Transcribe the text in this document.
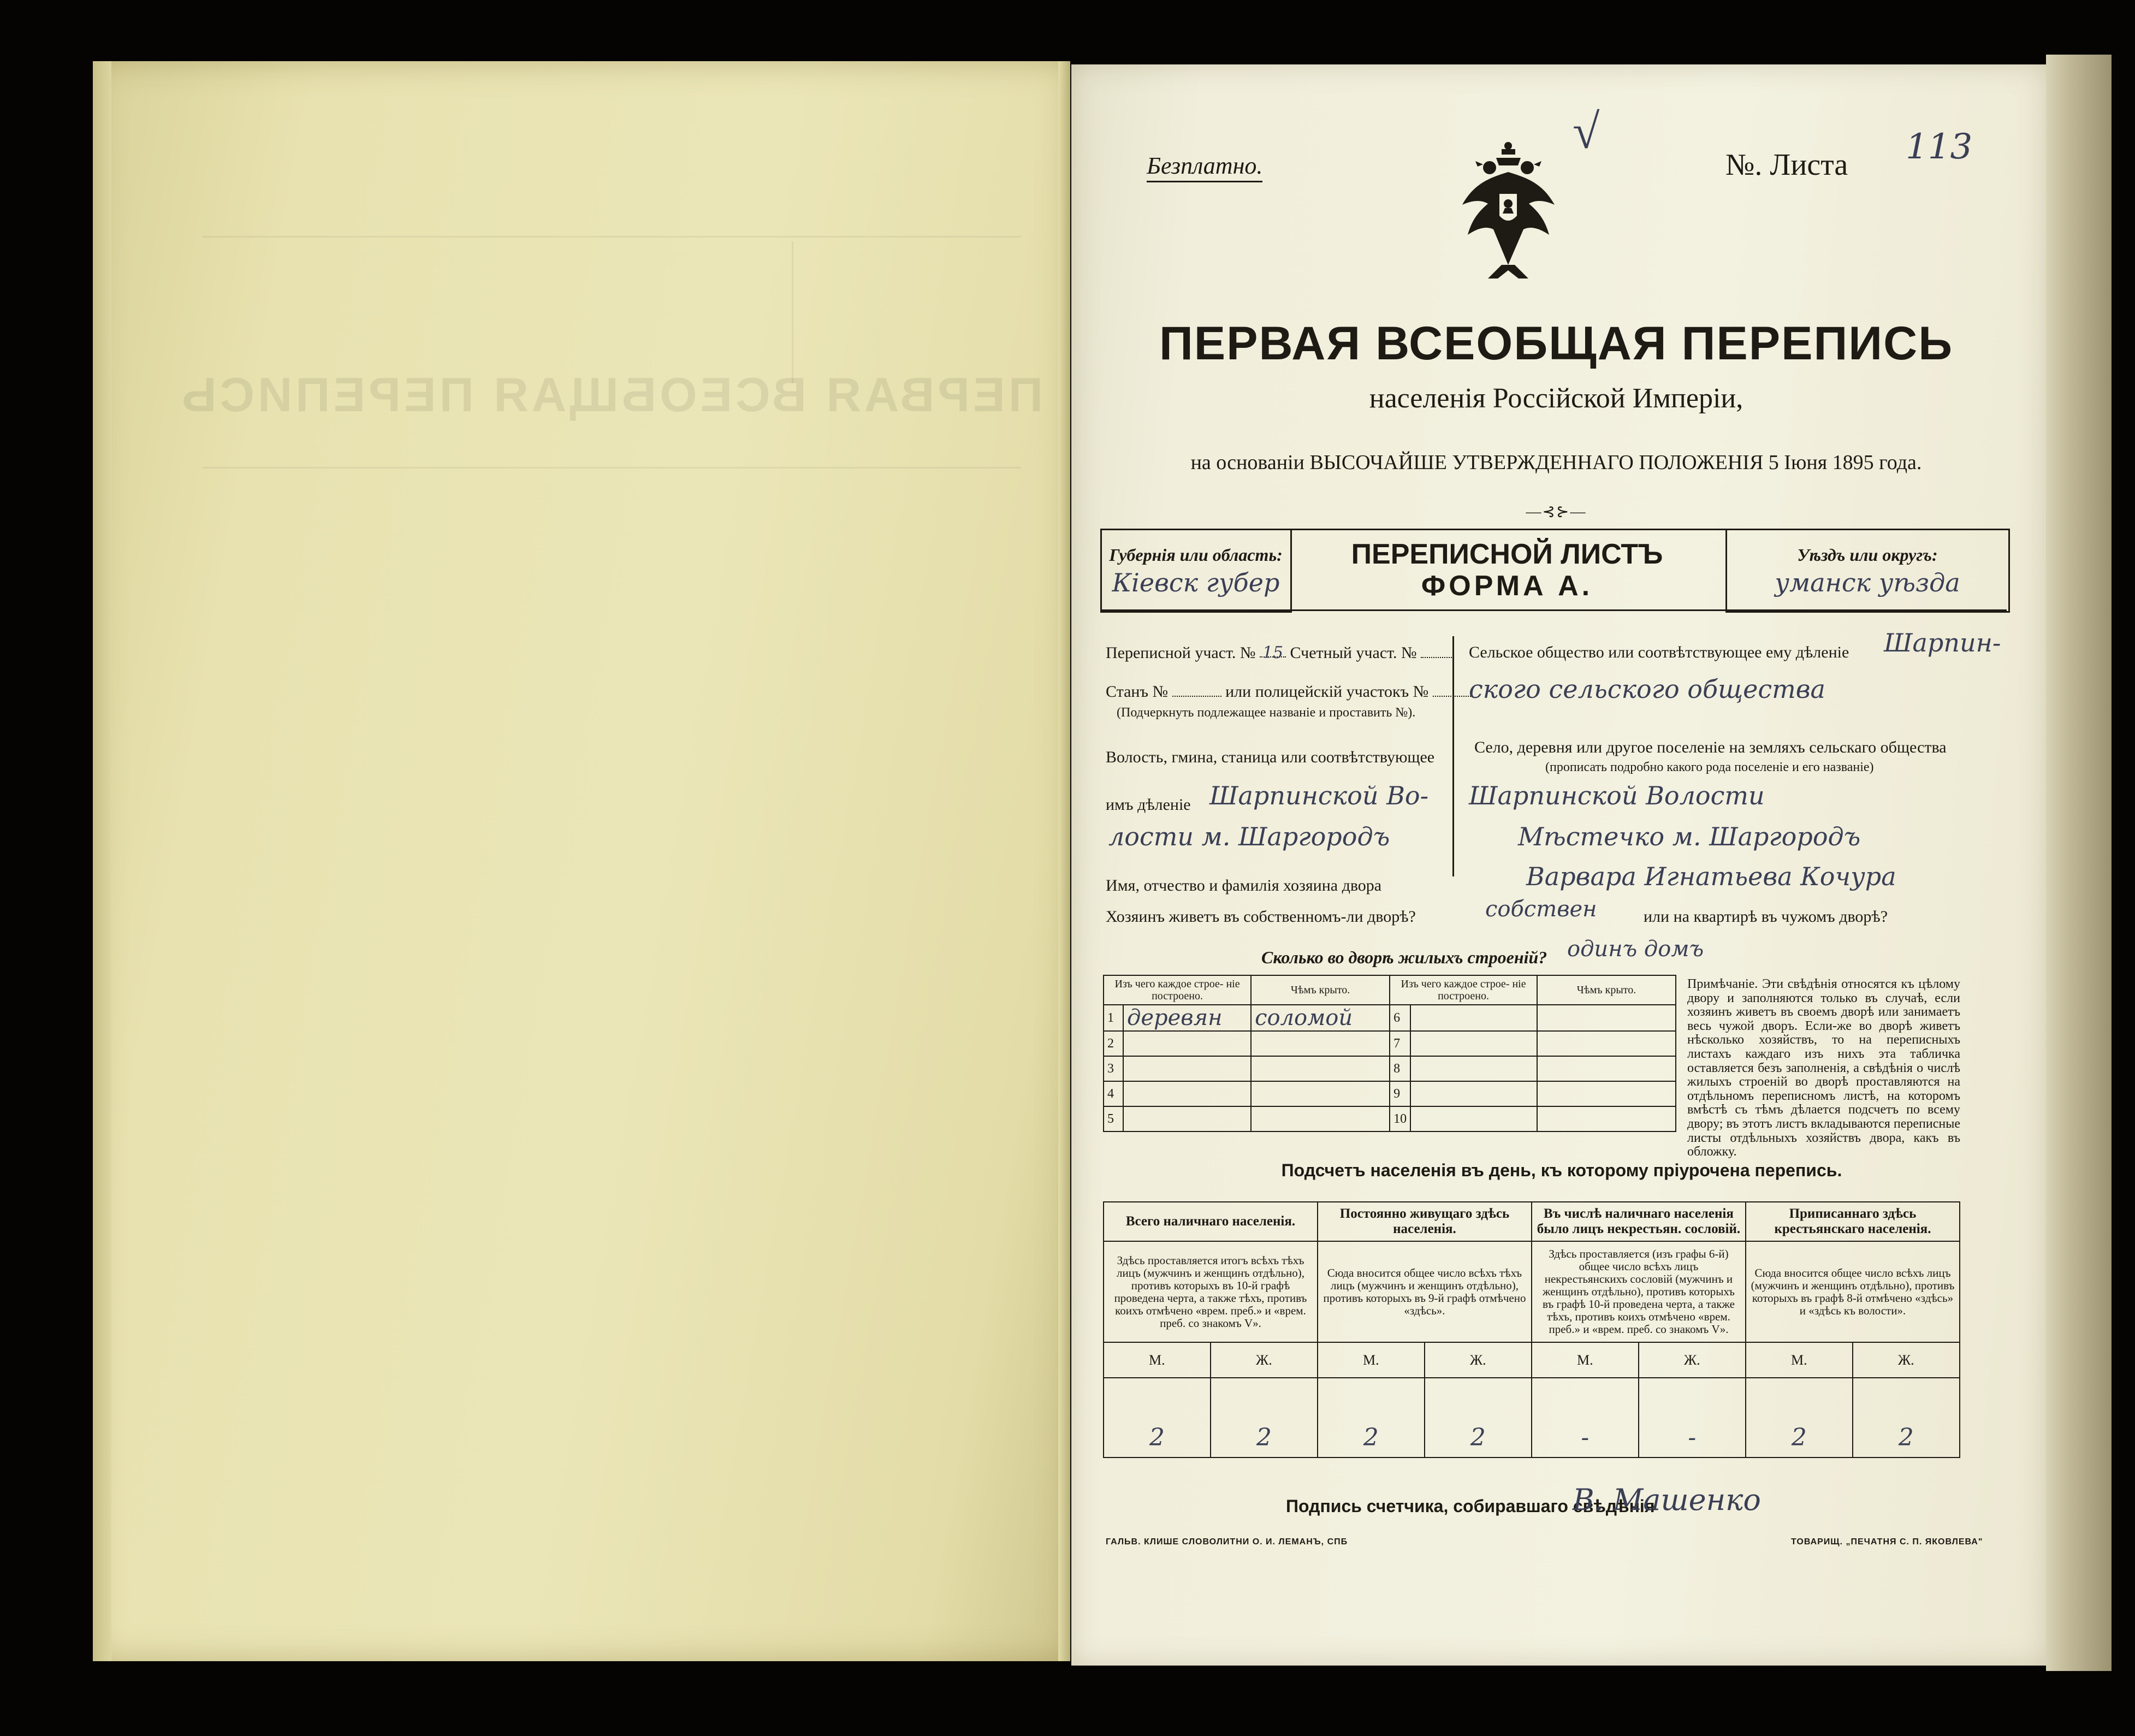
ПЕРВАЯ ВСЕОБЩАЯ ПЕРЕПИСЬ
Безплатно.
√
№. Листа 113
ПЕРВАЯ ВСЕОБЩАЯ ПЕРЕПИСЬ
населенія Россійской Имперіи,
на основаніи ВЫСОЧАЙШЕ УТВЕРЖДЕННАГО ПОЛОЖЕНІЯ 5 Іюня 1895 года.
—⊰⊱—
Губернія или область:
Кіевск губер
ПЕРЕПИСНОЙ ЛИСТЪ
ФОРМА А.
Уѣздъ или округъ:
уманск уѣзда
Переписной участ. № 15 Счетный участ. №
Станъ №	или полицейскій участокъ №
(Подчеркнуть подлежащее названіе и проставить №).
Волость, гмина, станица или соотвѣтствующее
имъ дѣленіе Шарпинской Во-
лости м. Шаргородъ
Сельское общество или соотвѣтствующее ему дѣленіе Шарпин-
ского сельского общества
Село, деревня или другое поселеніе на земляхъ сельскаго общества
(прописать подробно какого рода поселеніе и его названіе)
Шарпинской Волости
Мѣстечко м. Шаргородъ
Имя, отчество и фамилія хозяина двора	Варвара Игнатьева Кочура
Хозяинъ живетъ въ собственномъ-ли дворѣ?	собствен	или на квартирѣ въ чужомъ дворѣ?
Сколько во дворѣ жилыхъ строеній? одинъ домъ
Изъ чего каждое строе- ніе построено.		Чѣмъ крыто.	Изъ чего каждое строе- ніе построено.		Чѣмъ крыто.
1	деревян	соломой	6		
2			7		
3			8		
4			9		
5			10		
Примѣчаніе. Эти свѣдѣнія относятся къ цѣлому двору и заполняются только въ случаѣ, если хозяинъ живетъ въ своемъ дворѣ или занимаетъ весь чужой дворъ. Если-же во дворѣ живетъ нѣсколько хозяйствъ, то на переписныхъ листахъ каждаго изъ нихъ эта табличка оставляется безъ заполненія, а свѣдѣнія о числѣ жилыхъ строеній во дворѣ проставляются на отдѣльномъ переписномъ листѣ, на которомъ вмѣстѣ съ тѣмъ дѣлается подсчетъ по всему двору; въ этотъ листъ вкладываются переписные листы отдѣльныхъ хозяйствъ двора, какъ въ обложку.
Подсчетъ населенія въ день, къ которому пріурочена перепись.
Всего наличнаго населенія.		Постоянно живущаго здѣсь населенія.		Въ числѣ наличнаго населенія было лицъ некрестьян. сословій.		Приписаннаго здѣсь крестьянскаго населенія.	
Здѣсь проставляется итогъ всѣхъ тѣхъ лицъ (мужчинъ и женщинъ отдѣльно), противъ которыхъ въ 10-й графѣ проведена черта, а также тѣхъ, противъ коихъ отмѣчено «врем. преб.» и «врем. преб. со знакомъ V».		Сюда вносится общее число всѣхъ тѣхъ лицъ (мужчинъ и женщинъ отдѣльно), противъ которыхъ въ 9-й графѣ отмѣчено «здѣсь».		Здѣсь проставляется (изъ графы 6-й) общее число всѣхъ лицъ некрестьянскихъ сословій (мужчинъ и женщинъ отдѣльно), противъ которыхъ въ графѣ 10-й проведена черта, а также тѣхъ, противъ коихъ отмѣчено «врем. преб.» и «врем. преб. со знакомъ V».		Сюда вносится общее число всѣхъ лицъ (мужчинъ и женщинъ отдѣльно), противъ которыхъ въ графѣ 8-й отмѣчено «здѣсь» и «здѣсь къ волости».	
М.	Ж.	М.	Ж.	М.	Ж.	М.	Ж.
2	2	2	2	-	-	2	2
Подпись счетчика, собиравшаго свѣдѣнія
В. Машенко
ГАЛЬВ. КЛИШЕ СЛОВОЛИТНИ О. И. ЛЕМАНЪ, СПБ	ТОВАРИЩ. „ПЕЧАТНЯ С. П. ЯКОВЛЕВА"
